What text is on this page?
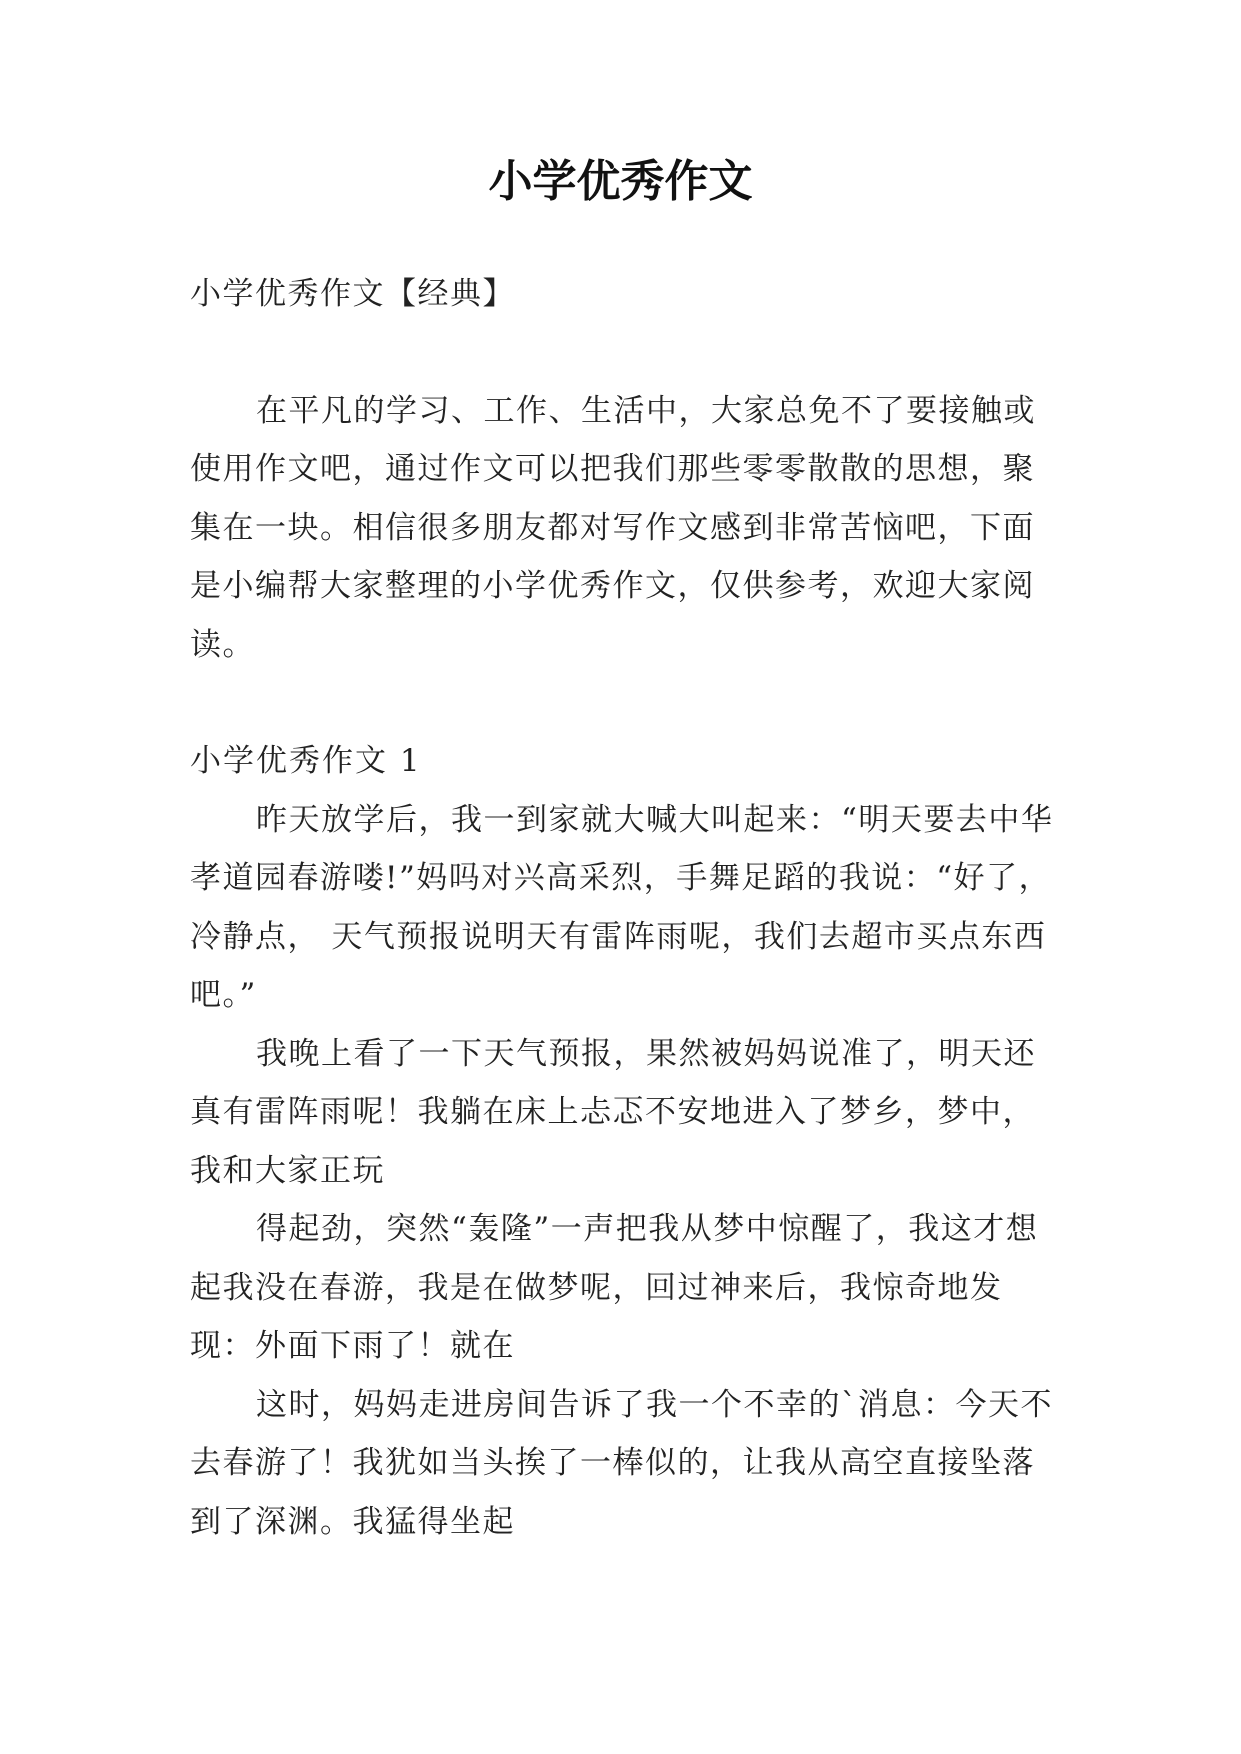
小学优秀作文

小学优秀作文【经典】

在平凡的学习、工作、生活中，大家总免不了要接触或使用作文吧，通过作文可以把我们那些零零散散的思想，聚集在一块。相信很多朋友都对写作文感到非常苦恼吧，下面是小编帮大家整理的小学优秀作文，仅供参考，欢迎大家阅读。

小学优秀作文 1

昨天放学后，我一到家就大喊大叫起来：“明天要去中华孝道园春游喽!”妈吗对兴高采烈，手舞足蹈的我说：“好了，冷静点， 天气预报说明天有雷阵雨呢，我们去超市买点东西吧。”

我晚上看了一下天气预报，果然被妈妈说准了，明天还真有雷阵雨呢！我躺在床上忐忑不安地进入了梦乡，梦中，我和大家正玩

得起劲，突然“轰隆”一声把我从梦中惊醒了，我这才想起我没在春游，我是在做梦呢，回过神来后，我惊奇地发现：外面下雨了！就在

这时，妈妈走进房间告诉了我一个不幸的`消息：今天不去春游了！我犹如当头挨了一棒似的，让我从高空直接坠落到了深渊。我猛得坐起
